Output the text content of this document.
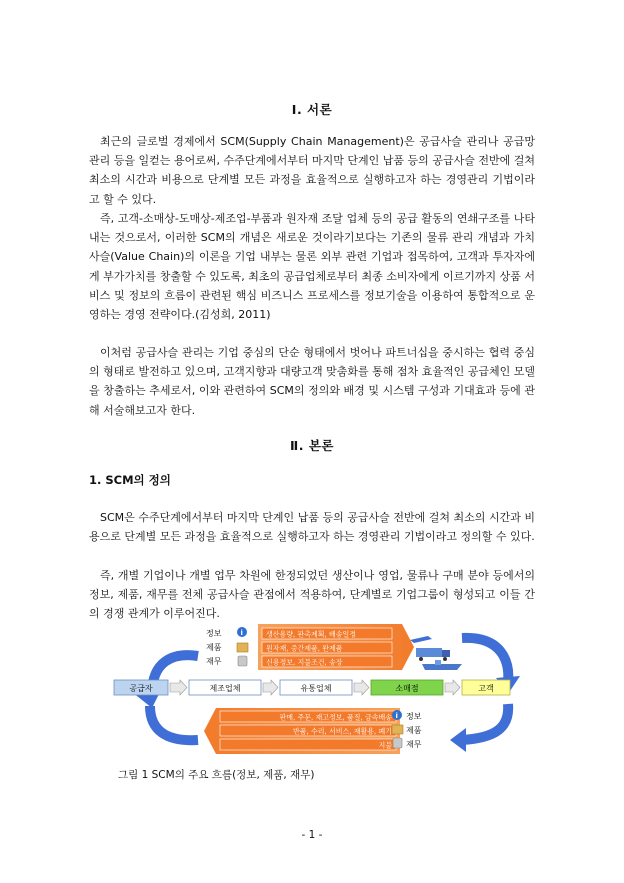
Ⅰ. 서론

최근의 글로벌 경제에서 SCM(Supply Chain Management)은 공급사슬 관리나 공급망 관리 등을 일컫는 용어로써, 수주단계에서부터 마지막 단계인 납품 등의 공급사슬 전반에 걸쳐 최소의 시간과 비용으로 단계별 모든 과정을 효율적으로 실행하고자 하는 경영관리 기법이라고 할 수 있다.

즉, 고객-소매상-도매상-제조업-부품과 원자재 조달 업체 등의 공급 활동의 연쇄구조를 나타내는 것으로서, 이러한 SCM의 개념은 새로운 것이라기보다는 기존의 물류 관리 개념과 가치사슬(Value Chain)의 이론을 기업 내부는 물론 외부 관련 기업과 접목하여, 고객과 투자자에게 부가가치를 창출할 수 있도록, 최초의 공급업체로부터 최종 소비자에게 이르기까지 상품 서비스 및 정보의 흐름이 관련된 핵심 비즈니스 프로세스를 정보기술을 이용하여 통합적으로 운영하는 경영 전략이다.(김성희, 2011)

이처럼 공급사슬 관리는 기업 중심의 단순 형태에서 벗어나 파트너십을 중시하는 협력 중심의 형태로 발전하고 있으며, 고객지향과 대량고객 맞춤화를 통해 점차 효율적인 공급체인 모델을 창출하는 추세로서, 이와 관련하여 SCM의 정의와 배경 및 시스템 구성과 기대효과 등에 관해 서술해보고자 한다.

Ⅱ. 본론
1. SCM의 정의

SCM은 수주단계에서부터 마지막 단계인 납품 등의 공급사슬 전반에 걸쳐 최소의 시간과 비용으로 단계별 모든 과정을 효율적으로 실행하고자 하는 경영관리 기법이라고 정의할 수 있다.

즉, 개별 기업이나 개별 업무 차원에 한정되었던 생산이나 영업, 물류나 구매 분야 등에서의 정보, 제품, 재무를 전체 공급사슬 관점에서 적용하여, 단계별로 기업그룹이 형성되고 이들 간의 경쟁 관계가 이루어진다.

정보	i
제품
재무
생산용량, 판촉계획, 배송일정
원자재, 중간제품, 완제품
신용정보, 지불조건, 송장
공급자	제조업체	유통업체	소매점	고객
판매, 주문, 재고정보, 품질, 급속배송
반품, 수리, 서비스, 재활용, 폐기
지불
i 정보
제품
재무
그림 1 SCM의 주요 흐름(정보, 제품, 재무)
- 1 -
